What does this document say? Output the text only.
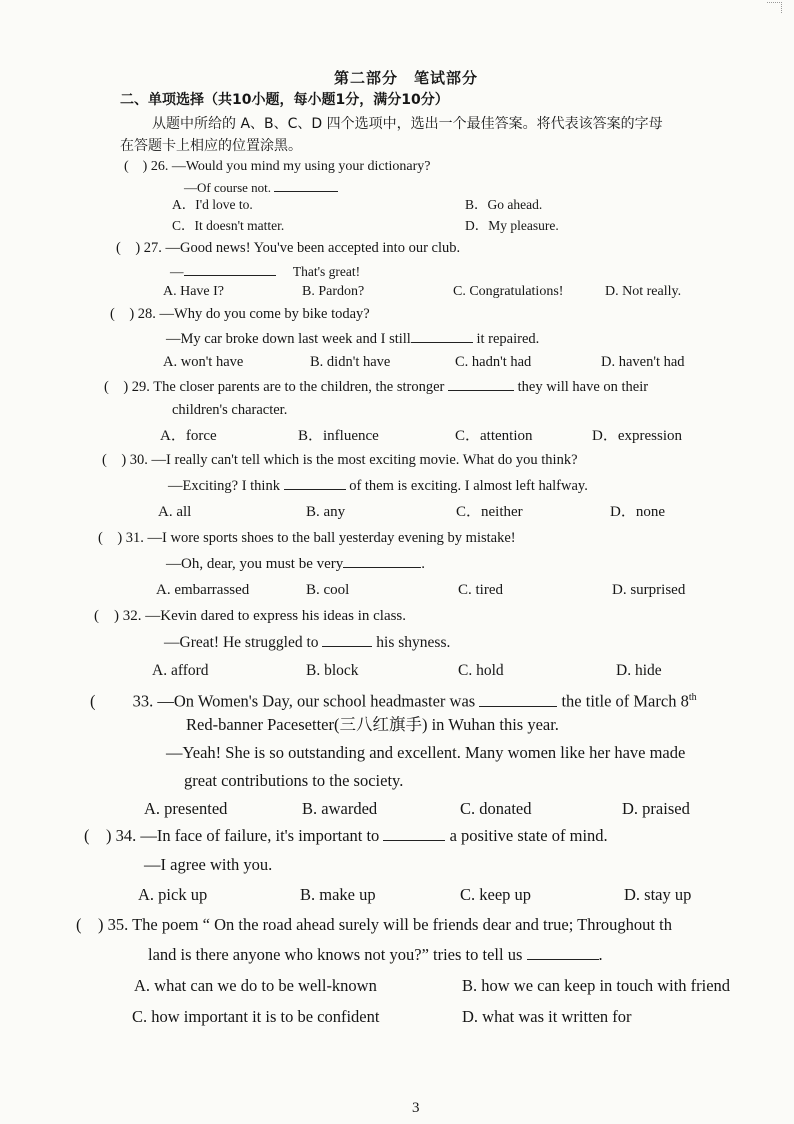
第二部分　笔试部分
二、单项选择（共10小题，每小题1分，满分10分）
从题中所给的 A、B、C、D 四个选项中，选出一个最佳答案。将代表该答案的字母
在答题卡上相应的位置涂黑。
(    ) 26. —Would you mind my using your dictionary?
—Of course not.
A．I'd love to.	B．Go ahead.
C．It doesn't matter.	D．My pleasure.
(    ) 27. —Good news! You've been accepted into our club.
—	That's great!
A. Have I?	B. Pardon?	C. Congratulations!	D. Not really.
(    ) 28. —Why do you come by bike today?
—My car broke down last week and I still	it repaired.
A. won't have	B. didn't have	C. hadn't had	D. haven't had
(    ) 29. The closer parents are to the children, the stronger	they will have on their
children's character.
A．force	B．influence	C．attention	D．expression
(    ) 30. —I really can't tell which is the most exciting movie. What do you think?
—Exciting? I think	of them is exciting. I almost left halfway.
A. all	B. any	C．neither	D．none
(    ) 31. —I wore sports shoes to the ball yesterday evening by mistake!
—Oh, dear, you must be very	.
A. embarrassed	B. cool	C. tired	D. surprised
(    ) 32. —Kevin dared to express his ideas in class.
—Great! He struggled to	his shyness.
A. afford	B. block	C. hold	D. hide
(         33. —On Women's Day, our school headmaster was	the title of March 8th
Red-banner Pacesetter(三八红旗手) in Wuhan this year.
—Yeah! She is so outstanding and excellent. Many women like her have made
great contributions to the society.
A. presented	B. awarded	C. donated	D. praised
(    ) 34. —In face of failure, it's important to	a positive state of mind.
—I agree with you.
A. pick up	B. make up	C. keep up	D. stay up
(    ) 35. The poem “ On the road ahead surely will be friends dear and true; Throughout th
land is there anyone who knows not you?” tries to tell us	.
A. what can we do to be well-known	B. how we can keep in touch with friend
C. how important it is to be confident	D. what was it written for
3
